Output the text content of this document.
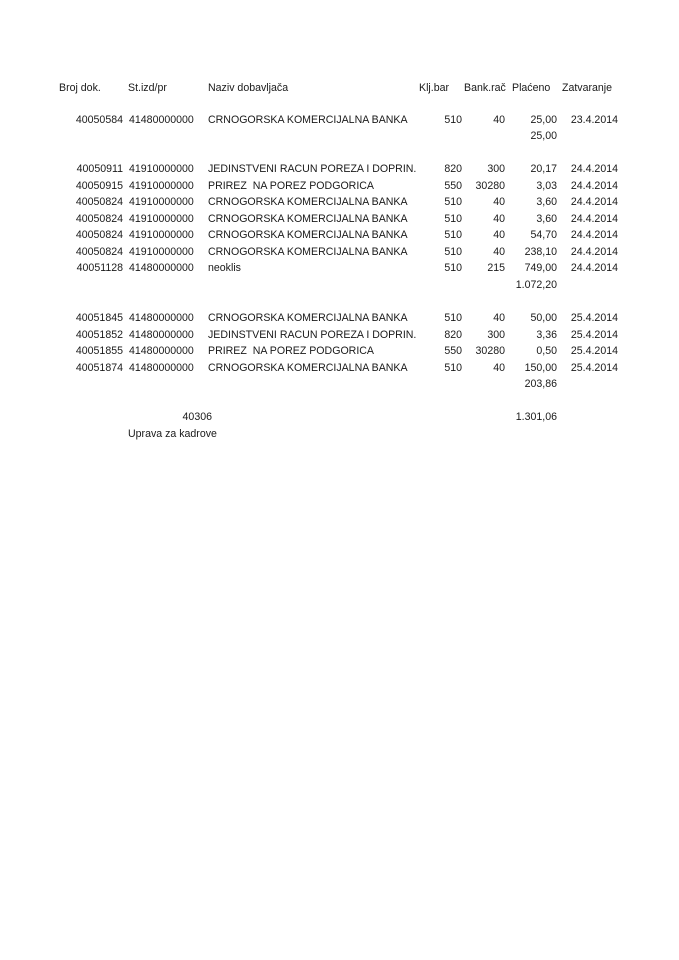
Broj dok.	St.izd/pr	Naziv dobavljača	Klj.bar Bank.rač Plaćeno Zatvaranje
40050584 41480000000	CRNOGORSKA KOMERCIJALNA BANKA	510	40	25,00	23.4.2014
25,00
40050911 41910000000	JEDINSTVENI RACUN POREZA I DOPRIN.	820	300	20,17	24.4.2014
40050915 41910000000	PRIREZ  NA POREZ PODGORICA	550	30280	3,03	24.4.2014
40050824 41910000000	CRNOGORSKA KOMERCIJALNA BANKA	510	40	3,60	24.4.2014
40050824 41910000000	CRNOGORSKA KOMERCIJALNA BANKA	510	40	3,60	24.4.2014
40050824 41910000000	CRNOGORSKA KOMERCIJALNA BANKA	510	40	54,70	24.4.2014
40050824 41910000000	CRNOGORSKA KOMERCIJALNA BANKA	510	40	238,10	24.4.2014
40051128 41480000000	neoklis	510	215	749,00	24.4.2014
1.072,20
40051845 41480000000	CRNOGORSKA KOMERCIJALNA BANKA	510	40	50,00	25.4.2014
40051852 41480000000	JEDINSTVENI RACUN POREZA I DOPRIN.	820	300	3,36	25.4.2014
40051855 41480000000	PRIREZ  NA POREZ PODGORICA	550	30280	0,50	25.4.2014
40051874 41480000000	CRNOGORSKA KOMERCIJALNA BANKA	510	40	150,00	25.4.2014
203,86
40306	1.301,06
Uprava za kadrove
